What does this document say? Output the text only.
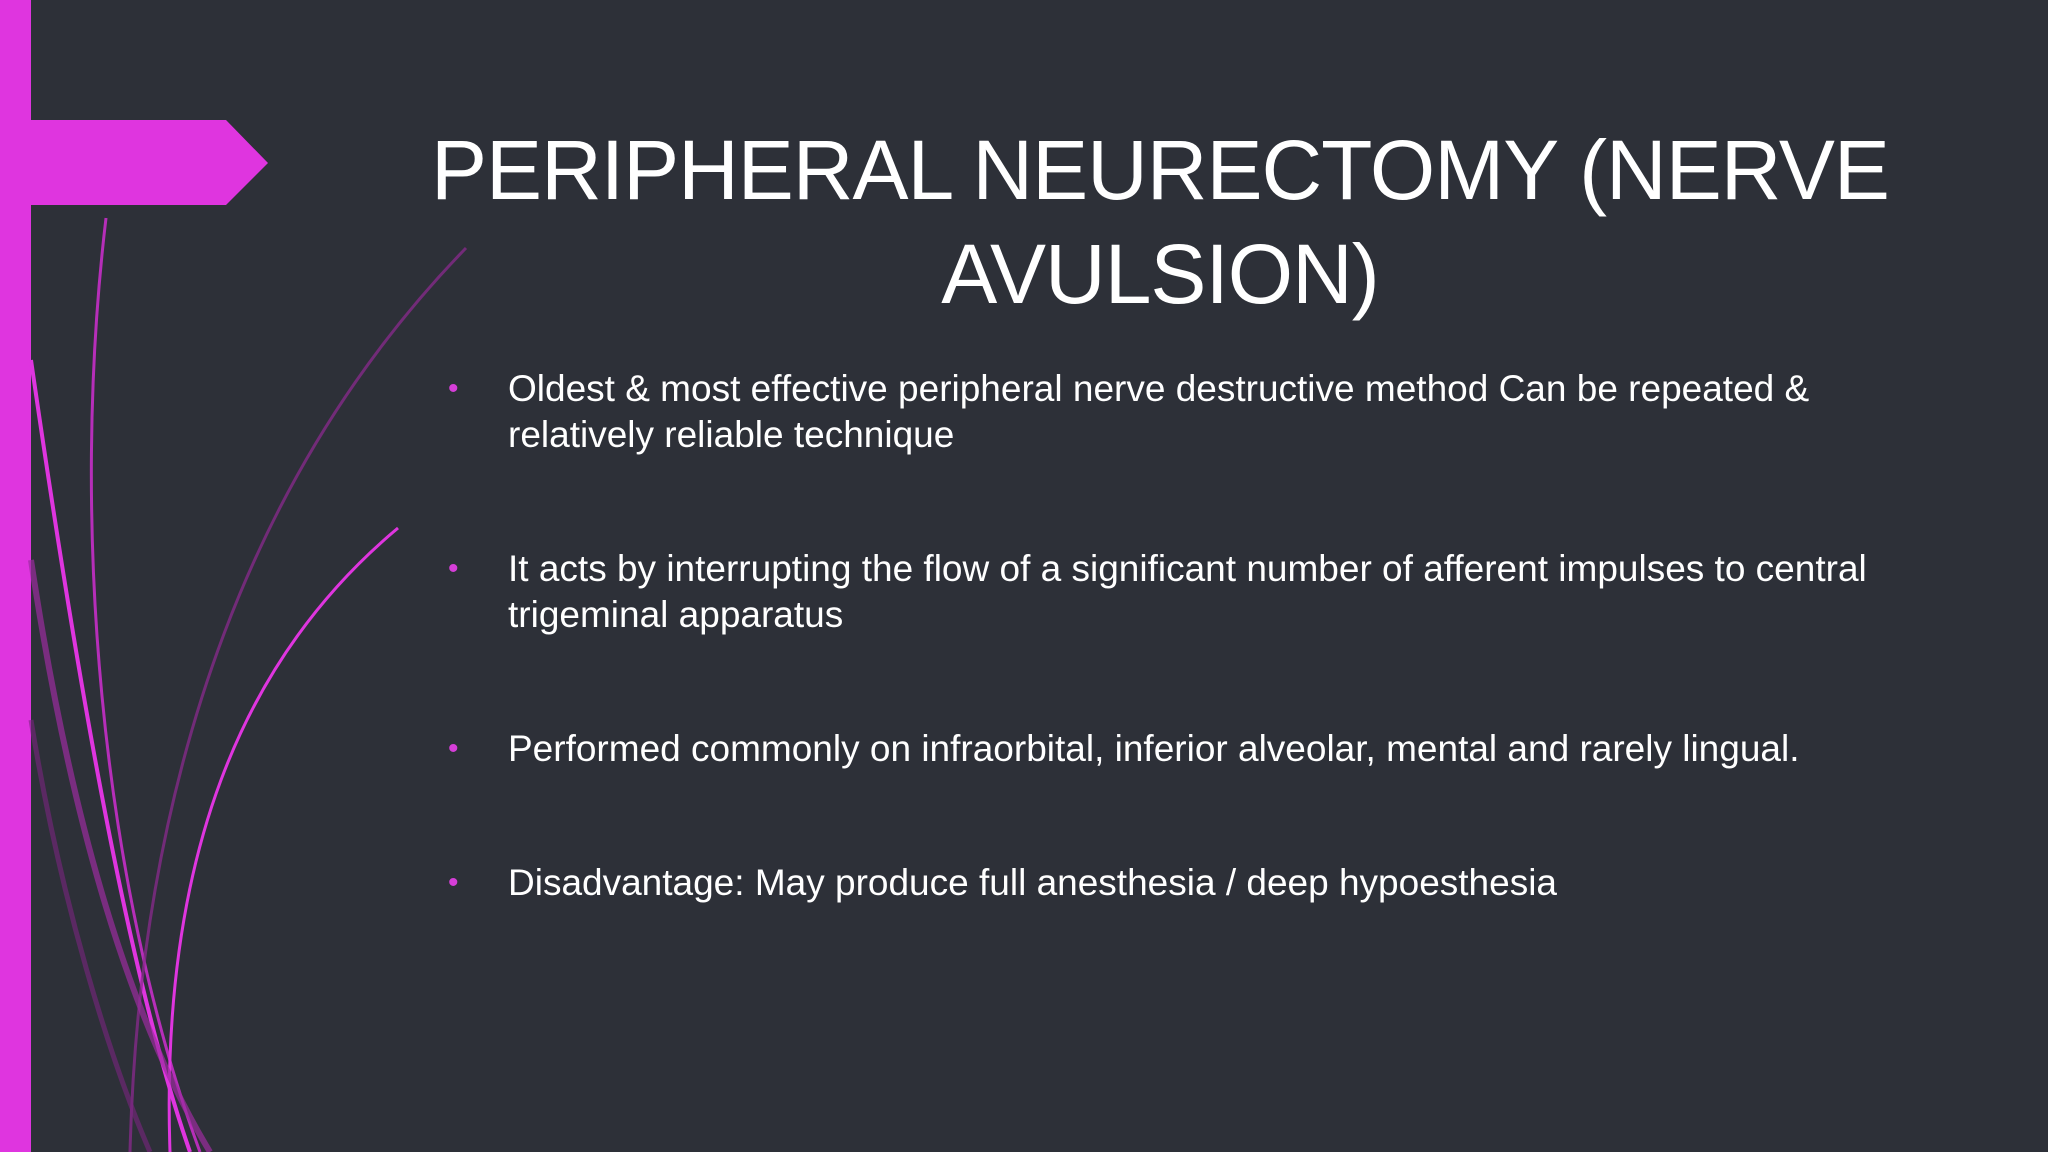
PERIPHERAL NEURECTOMY (NERVE AVULSION)
• Oldest & most effective peripheral nerve destructive method Can be repeated & relatively reliable technique
• It acts by interrupting the flow of a significant number of afferent impulses to central trigeminal apparatus
• Performed commonly on infraorbital, inferior alveolar, mental and rarely lingual.
• Disadvantage: May produce full anesthesia / deep hypoesthesia
